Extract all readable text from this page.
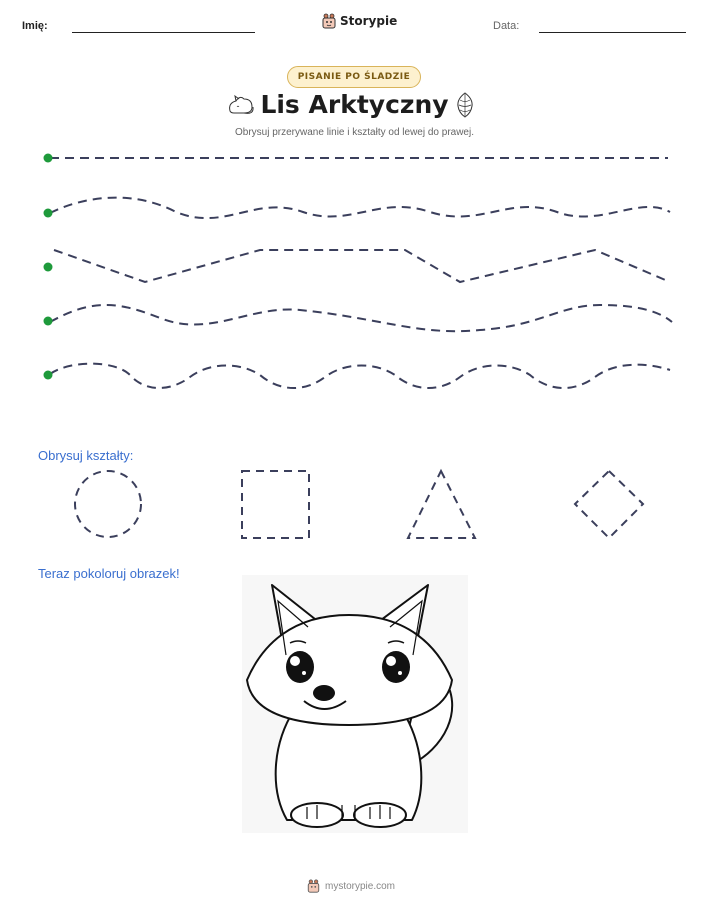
Imię:	Storypie	Data:
PISANIE PO ŚLADZIE
Lis Arktyczny
Obrysuj przerywane linie i kształty od lewej do prawej.
Obrysuj kształty:
Teraz pokoloruj obrazek!
mystorypie.com
